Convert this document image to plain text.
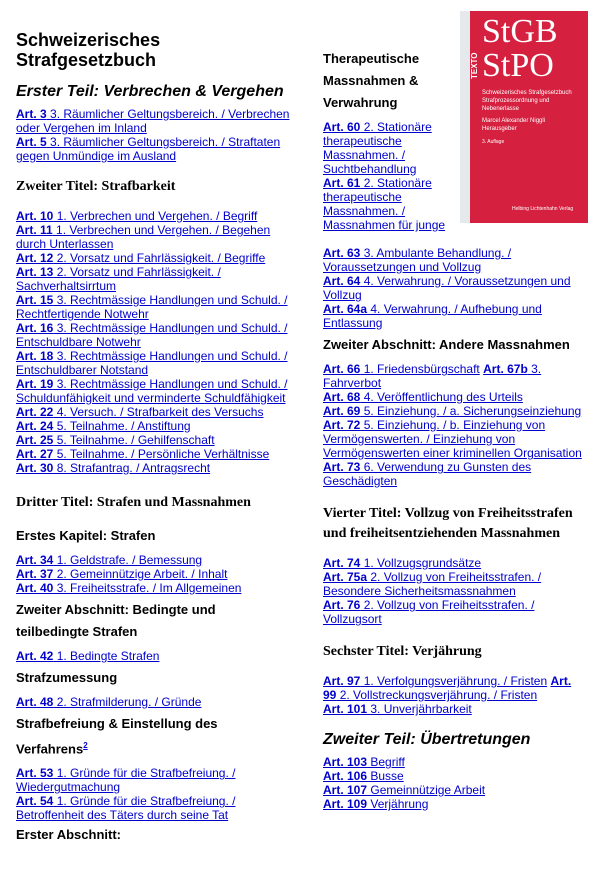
Schweizerisches Strafgesetzbuch
Erster Teil: Verbrechen & Vergehen
Art. 3 3. Räumlicher Geltungsbereich. / Verbrechen oder Vergehen im Inland
Art. 5 3. Räumlicher Geltungsbereich. / Straftaten gegen Unmündige im Ausland
Zweiter Titel: Strafbarkeit
Art. 10 1. Verbrechen und Vergehen. / Begriff
Art. 11 1. Verbrechen und Vergehen. / Begehen durch Unterlassen
Art. 12 2. Vorsatz und Fahrlässigkeit. / Begriffe
Art. 13 2. Vorsatz und Fahrlässigkeit. / Sachverhaltsirrtum
Art. 15 3. Rechtmässige Handlungen und Schuld. / Rechtfertigende Notwehr
Art. 16 3. Rechtmässige Handlungen und Schuld. / Entschuldbare Notwehr
Art. 18 3. Rechtmässige Handlungen und Schuld. / Entschuldbarer Notstand
Art. 19 3. Rechtmässige Handlungen und Schuld. / Schuldunfähigkeit und verminderte Schuldfähigkeit
Art. 22 4. Versuch. / Strafbarkeit des Versuchs
Art. 24 5. Teilnahme. / Anstiftung
Art. 25 5. Teilnahme. / Gehilfenschaft
Art. 27 5. Teilnahme. / Persönliche Verhältnisse
Art. 30 8. Strafantrag. / Antragsrecht
Dritter Titel: Strafen und Massnahmen
Erstes Kapitel: Strafen
Art. 34 1. Geldstrafe. / Bemessung
Art. 37 2. Gemeinnützige Arbeit. / Inhalt
Art. 40 3. Freiheitsstrafe. / Im Allgemeinen
Zweiter Abschnitt: Bedingte und teilbedingte Strafen
Art. 42 1. Bedingte Strafen
Strafzumessung
Art. 48 2. Strafmilderung. / Gründe
Strafbefreiung & Einstellung des Verfahrens$^2$
Art. 53 1. Gründe für die Strafbefreiung. / Wiedergutmachung
Art. 54 1. Gründe für die Strafbefreiung. / Betroffenheit des Täters durch seine Tat
Erster Abschnitt:
Therapeutische Massnahmen & Verwahrung
Art. 60 2. Stationäre therapeutische Massnahmen. / Suchtbehandlung
Art. 61 2. Stationäre therapeutische Massnahmen. / Massnahmen für junge
Art. 63 3. Ambulante Behandlung. / Voraussetzungen und Vollzug
Art. 64 4. Verwahrung. / Voraussetzungen und Vollzug
Art. 64a 4. Verwahrung. / Aufhebung und Entlassung
Zweiter Abschnitt: Andere Massnahmen
Art. 66 1. Friedensbürgschaft Art. 67b 3. Fahrverbot
Art. 68 4. Veröffentlichung des Urteils
Art. 69 5. Einziehung. / a. Sicherungseinziehung
Art. 72 5. Einziehung. / b. Einziehung von Vermögenswerten. / Einziehung von Vermögenswerten einer kriminellen Organisation
Art. 73 6. Verwendung zu Gunsten des Geschädigten
Vierter Titel: Vollzug von Freiheitsstrafen und freiheitsentziehenden Massnahmen
Art. 74 1. Vollzugsgrundsätze
Art. 75a 2. Vollzug von Freiheitsstrafen. / Besondere Sicherheitsmassnahmen
Art. 76 2. Vollzug von Freiheitsstrafen. / Vollzugsort
Sechster Titel: Verjährung
Art. 97 1. Verfolgungsverjährung. / Fristen Art. 99 2. Vollstreckungsverjährung. / Fristen
Art. 101 3. Unverjährbarkeit
Zweiter Teil: Übertretungen
Art. 103 Begriff
Art. 106 Busse
Art. 107 Gemeinnützige Arbeit
Art. 109 Verjährung
TEXTO
StGB
StPO
Schweizerisches Strafgesetzbuch Strafprozessordnung und Nebenerlasse
Marcel Alexander Niggli
Herausgeber
3. Auflage
Helbing Lichtenhahn Verlag
